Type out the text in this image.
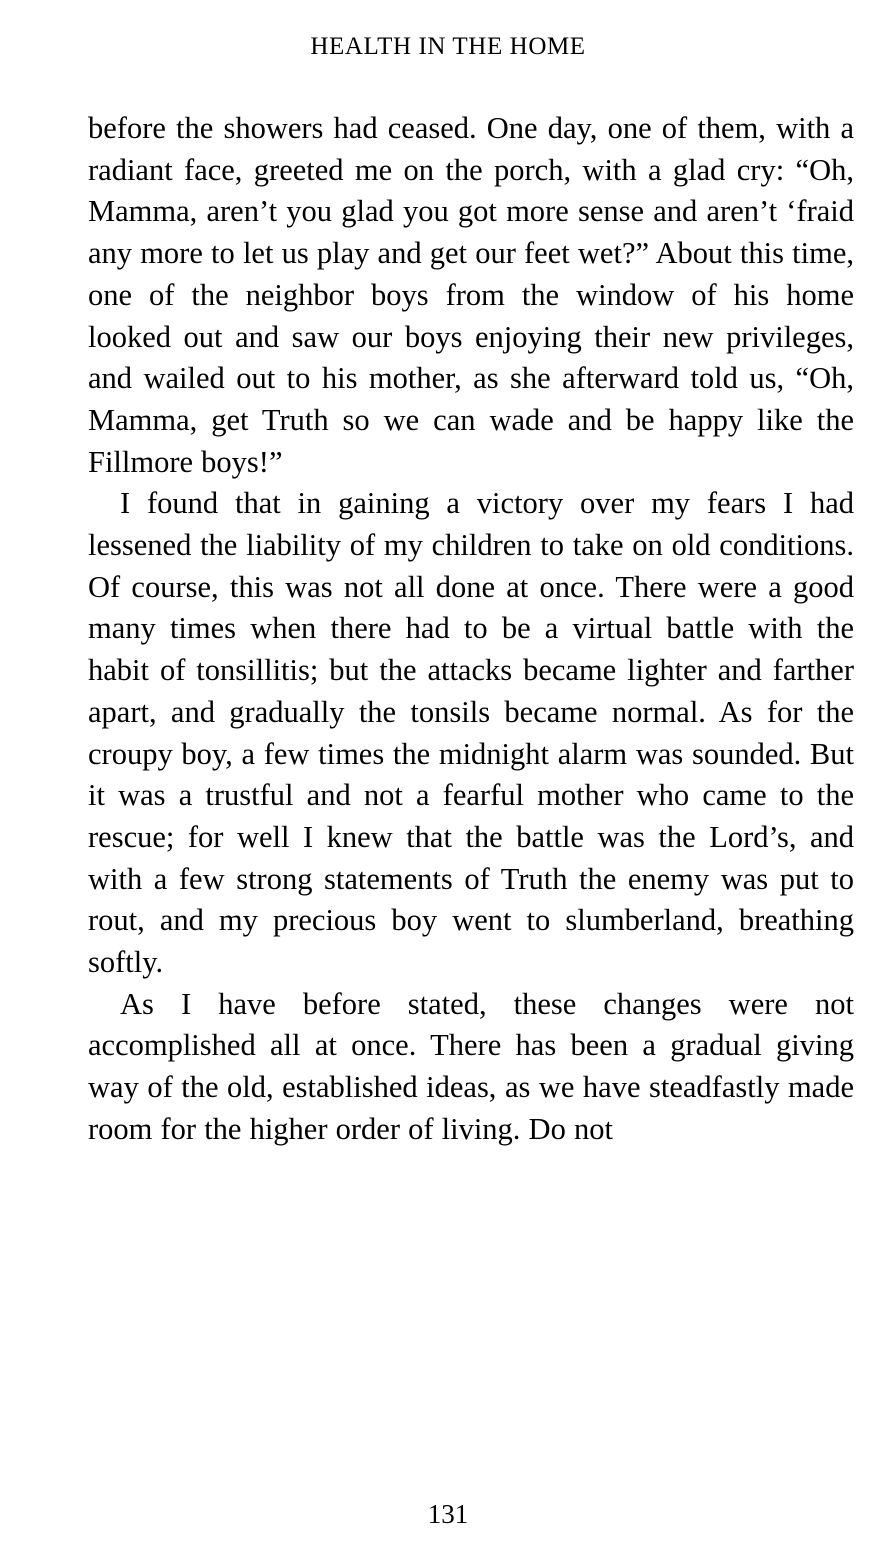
HEALTH IN THE HOME

before the showers had ceased. One day, one of them, with a radiant face, greeted me on the porch, with a glad cry: “Oh, Mamma, aren’t you glad you got more sense and aren’t ‘fraid any more to let us play and get our feet wet?” About this time, one of the neighbor boys from the window of his home looked out and saw our boys enjoying their new privileges, and wailed out to his mother, as she afterward told us, “Oh, Mamma, get Truth so we can wade and be happy like the Fillmore boys!”

I found that in gaining a victory over my fears I had lessened the liability of my children to take on old conditions. Of course, this was not all done at once. There were a good many times when there had to be a virtual battle with the habit of tonsillitis; but the attacks became lighter and farther apart, and gradually the tonsils became normal. As for the croupy boy, a few times the midnight alarm was sounded. But it was a trustful and not a fearful mother who came to the rescue; for well I knew that the battle was the Lord’s, and with a few strong statements of Truth the enemy was put to rout, and my precious boy went to slumberland, breathing softly.

As I have before stated, these changes were not accomplished all at once. There has been a gradual giving way of the old, established ideas, as we have steadfastly made room for the higher order of living. Do not

131
